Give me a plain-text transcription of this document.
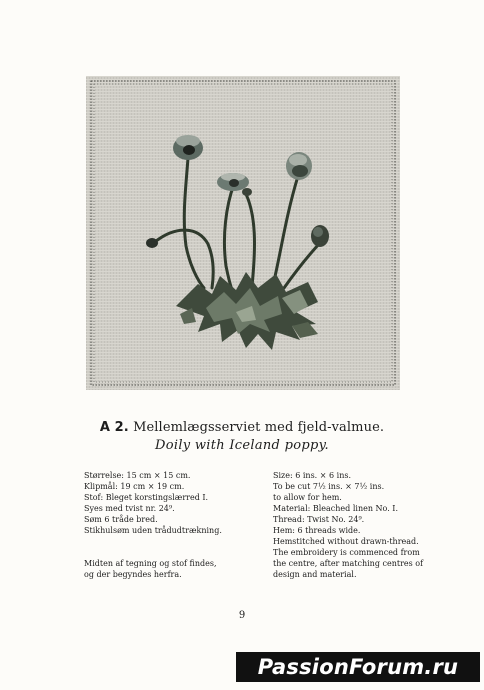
A 2. Mellemlægsserviet med fjeld-valmue.
Doily with Iceland poppy.
Størrelse: 15 cm × 15 cm.
Klipmål: 19 cm × 19 cm.
Stof: Bleget korstingslærred I.
Syes med tvist nr. 24⁹.
Søm 6 tråde bred.
Stikhulsøm uden trådudtrækning.
Midten af tegning og stof findes,
og der begyndes herfra.
Size: 6 ins. × 6 ins.
To be cut 7½ ins. × 7½ ins.
to allow for hem.
Material: Bleached linen No. I.
Thread: Twist No. 24⁹.
Hem: 6 threads wide.
Hemstitched without drawn-thread.
The embroidery is commenced from
the centre, after matching centres of
design and material.
9
PassionForum.ru
